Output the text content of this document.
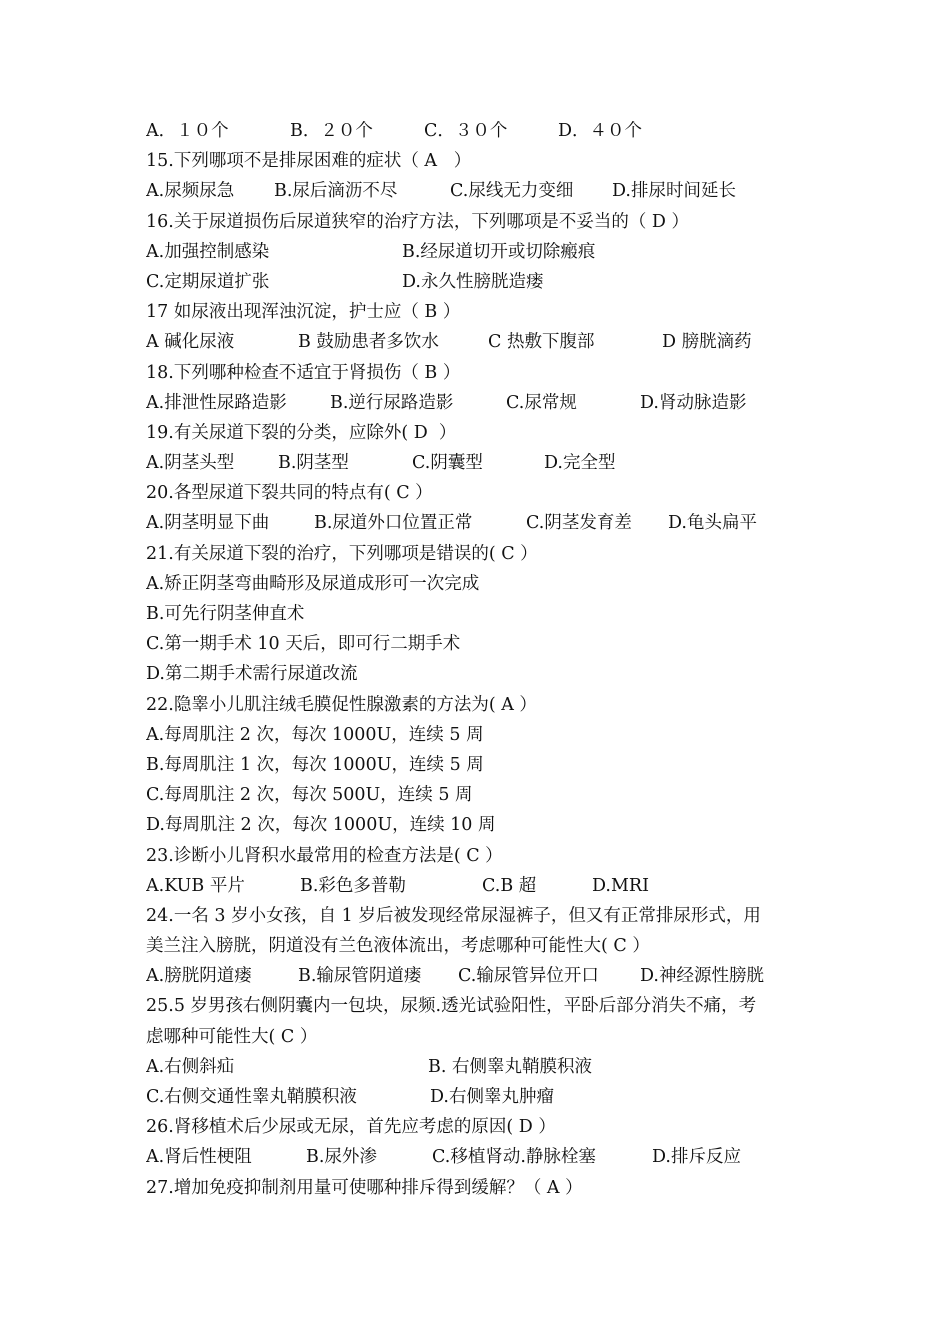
A．１０个	B．２０个	C．３０个	D．４０个
15.下列哪项不是排尿困难的症状（ A   ）
A.尿频尿急 B.尿后滴沥不尽	C.尿线无力变细 D.排尿时间延长
16.关于尿道损伤后尿道狭窄的治疗方法，下列哪项是不妥当的（ D ）
A.加强控制感染	B.经尿道切开或切除瘢痕
C.定期尿道扩张	D.永久性膀胱造瘘
17 如尿液出现浑浊沉淀，护士应（ B ）
A 碱化尿液	B 鼓励患者多饮水	C 热敷下腹部	D 膀胱滴药
18.下列哪种检查不适宜于肾损伤（ B ）
A.排泄性尿路造影 B.逆行尿路造影	C.尿常规	D.肾动脉造影
19.有关尿道下裂的分类，应除外( D  ）
A.阴茎头型	B.阴茎型	C.阴囊型	D.完全型
20.各型尿道下裂共同的特点有( C ）
A.阴茎明显下曲	B.尿道外口位置正常	C.阴茎发育差 D.龟头扁平
21.有关尿道下裂的治疗，下列哪项是错误的( C ）
A.矫正阴茎弯曲畸形及尿道成形可一次完成
B.可先行阴茎伸直术
C.第一期手术 10 天后，即可行二期手术
D.第二期手术需行尿道改流
22.隐睾小儿肌注绒毛膜促性腺激素的方法为( A ）
A.每周肌注 2 次，每次 1000U，连续 5 周
B.每周肌注 1 次，每次 1000U，连续 5 周
C.每周肌注 2 次，每次 500U，连续 5 周
D.每周肌注 2 次，每次 1000U，连续 10 周
23.诊断小儿肾积水最常用的检查方法是( C ）
A.KUB 平片	B.彩色多普勒	C.B 超	D.MRI
24.一名 3 岁小女孩，自 1 岁后被发现经常尿湿裤子，但又有正常排尿形式，用
美兰注入膀胱，阴道没有兰色液体流出，考虑哪种可能性大( C ）
A.膀胱阴道瘘	B.输尿管阴道瘘 C.输尿管异位开口 D.神经源性膀胱
25.5 岁男孩右侧阴囊内一包块，尿频.透光试验阳性，平卧后部分消失不痛，考
虑哪种可能性大( C ）
A.右侧斜疝	B. 右侧睾丸鞘膜积液
C.右侧交通性睾丸鞘膜积液	D.右侧睾丸肿瘤
26.肾移植术后少尿或无尿，首先应考虑的原因( D ）
A.肾后性梗阻	B.尿外渗	C.移植肾动.静脉栓塞	D.排斥反应
27.增加免疫抑制剂用量可使哪种排斥得到缓解？（ A ）
